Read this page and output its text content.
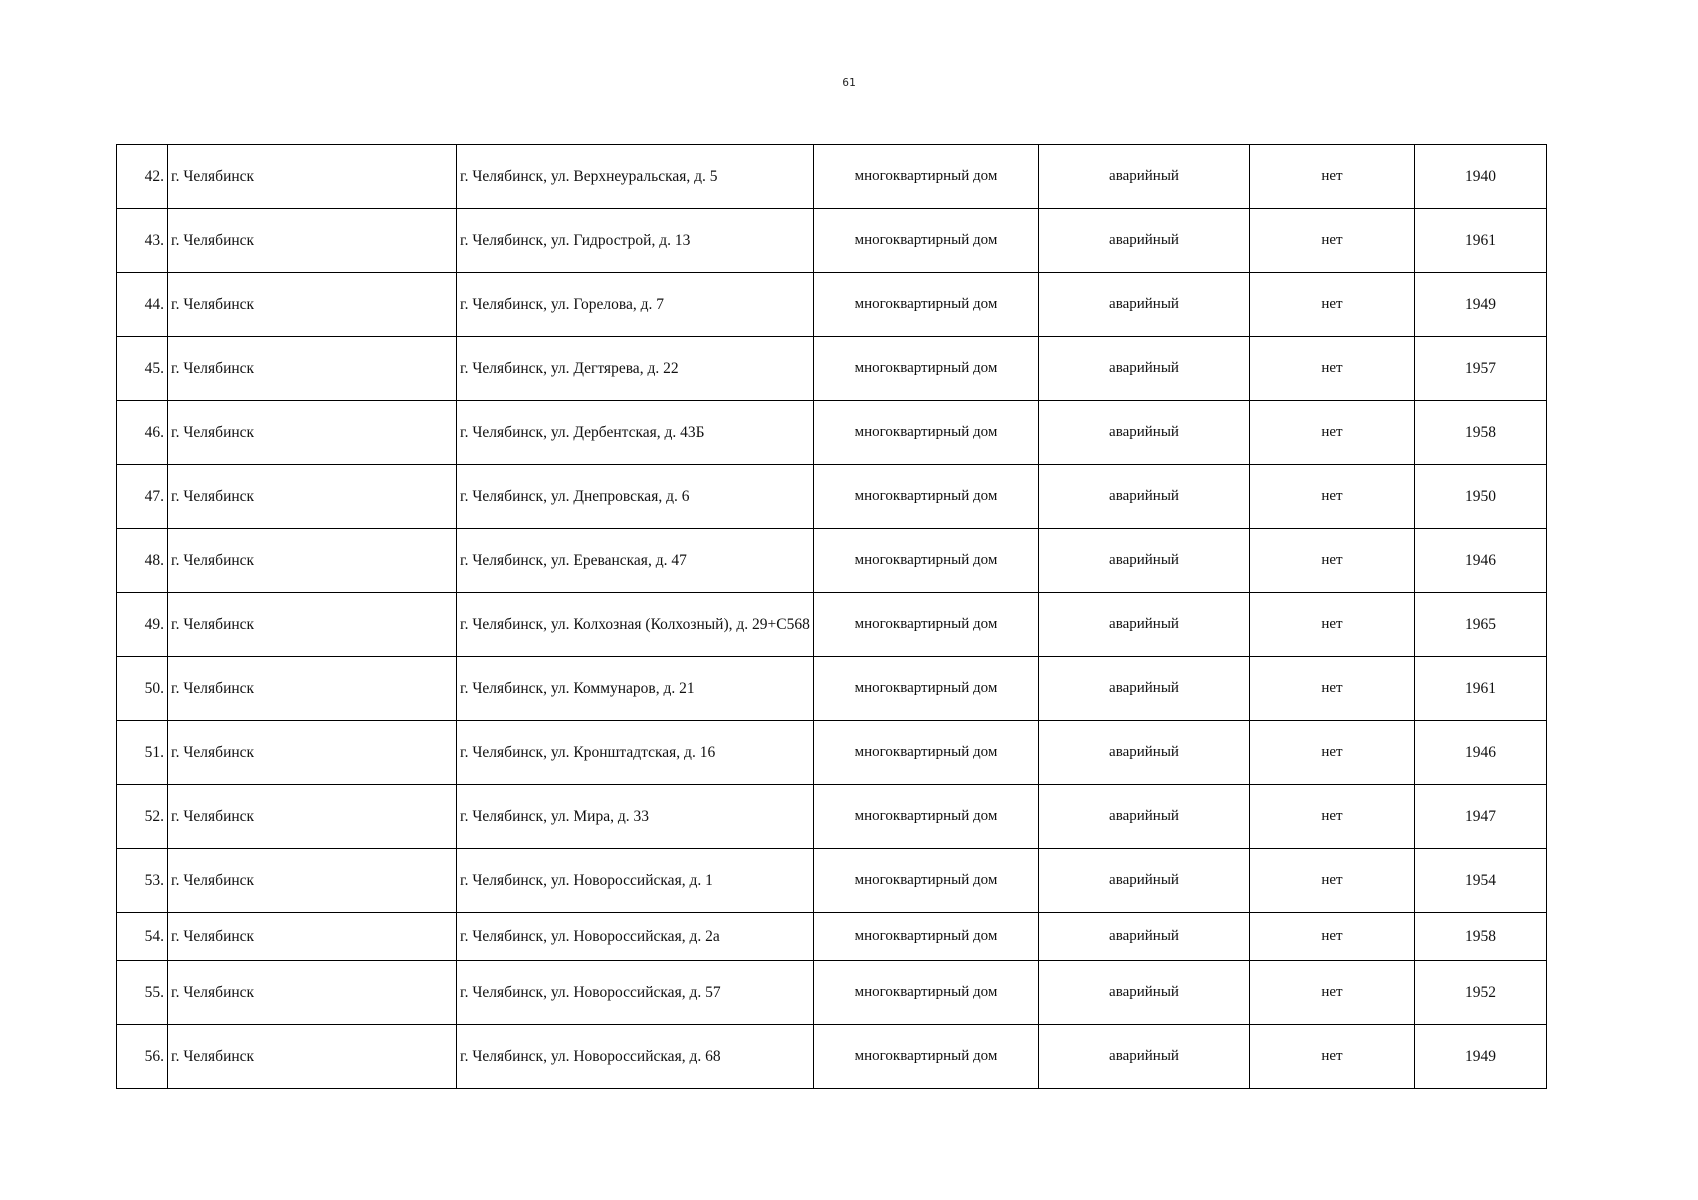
61
42.	г. Челябинск	г. Челябинск, ул. Верхнеуральская, д. 5	многоквартирный дом	аварийный	нет	1940
43.	г. Челябинск	г. Челябинск, ул. Гидрострой, д. 13	многоквартирный дом	аварийный	нет	1961
44.	г. Челябинск	г. Челябинск, ул. Горелова, д. 7	многоквартирный дом	аварийный	нет	1949
45.	г. Челябинск	г. Челябинск, ул. Дегтярева, д. 22	многоквартирный дом	аварийный	нет	1957
46.	г. Челябинск	г. Челябинск, ул. Дербентская, д. 43Б	многоквартирный дом	аварийный	нет	1958
47.	г. Челябинск	г. Челябинск, ул. Днепровская, д. 6	многоквартирный дом	аварийный	нет	1950
48.	г. Челябинск	г. Челябинск, ул. Ереванская, д. 47	многоквартирный дом	аварийный	нет	1946
49.	г. Челябинск	г. Челябинск, ул. Колхозная (Колхозный), д. 29+C568	многоквартирный дом	аварийный	нет	1965
50.	г. Челябинск	г. Челябинск, ул. Коммунаров, д. 21	многоквартирный дом	аварийный	нет	1961
51.	г. Челябинск	г. Челябинск, ул. Кронштадтская, д. 16	многоквартирный дом	аварийный	нет	1946
52.	г. Челябинск	г. Челябинск, ул. Мира, д. 33	многоквартирный дом	аварийный	нет	1947
53.	г. Челябинск	г. Челябинск, ул. Новороссийская, д. 1	многоквартирный дом	аварийный	нет	1954
54.	г. Челябинск	г. Челябинск, ул. Новороссийская, д. 2а	многоквартирный дом	аварийный	нет	1958
55.	г. Челябинск	г. Челябинск, ул. Новороссийская, д. 57	многоквартирный дом	аварийный	нет	1952
56.	г. Челябинск	г. Челябинск, ул. Новороссийская, д. 68	многоквартирный дом	аварийный	нет	1949
